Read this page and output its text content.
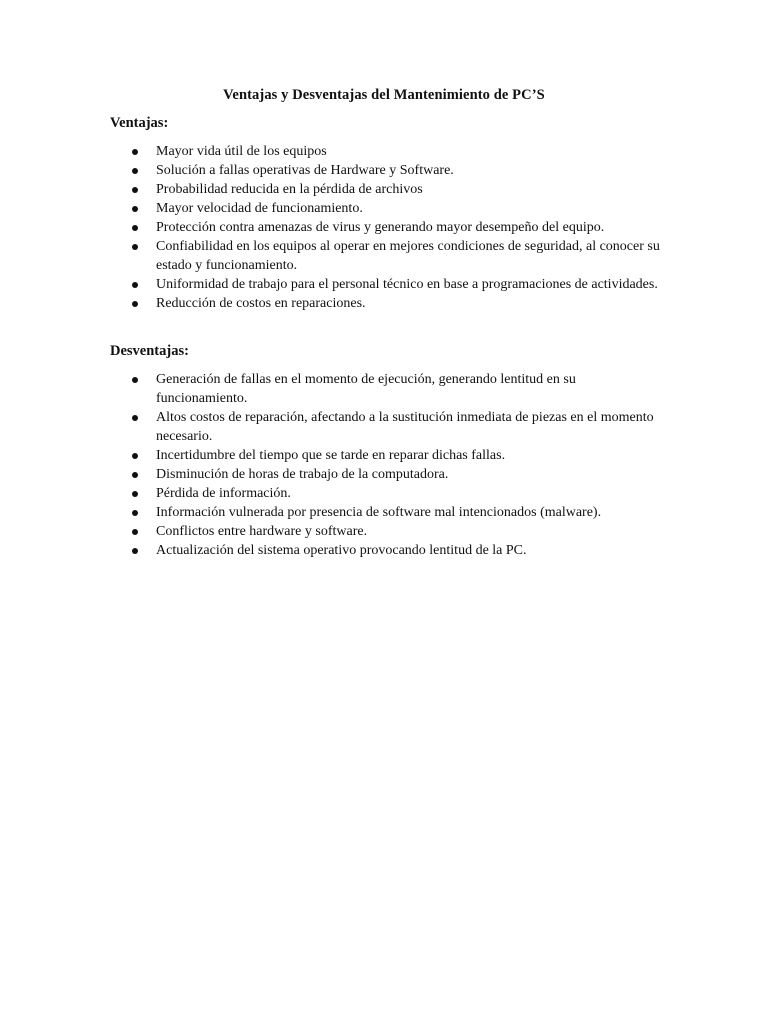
Ventajas y Desventajas del Mantenimiento de PC’S
Ventajas:
Mayor vida útil de los equipos
Solución a fallas operativas de Hardware y Software.
Probabilidad reducida en la pérdida de archivos
Mayor velocidad de funcionamiento.
Protección contra amenazas de virus y generando mayor desempeño del equipo.
Confiabilidad en los equipos al operar en mejores condiciones de seguridad, al conocer su estado y funcionamiento.
Uniformidad de trabajo para el personal técnico en base a programaciones de actividades.
Reducción de costos en reparaciones.
Desventajas:
Generación de fallas en el momento de ejecución, generando lentitud en su funcionamiento.
Altos costos de reparación, afectando a la sustitución inmediata de piezas en el momento necesario.
Incertidumbre del tiempo que se tarde en reparar dichas fallas.
Disminución de horas de trabajo de la computadora.
Pérdida de información.
Información vulnerada por presencia de software mal intencionados (malware).
Conflictos entre hardware y software.
Actualización del sistema operativo provocando lentitud de la PC.
